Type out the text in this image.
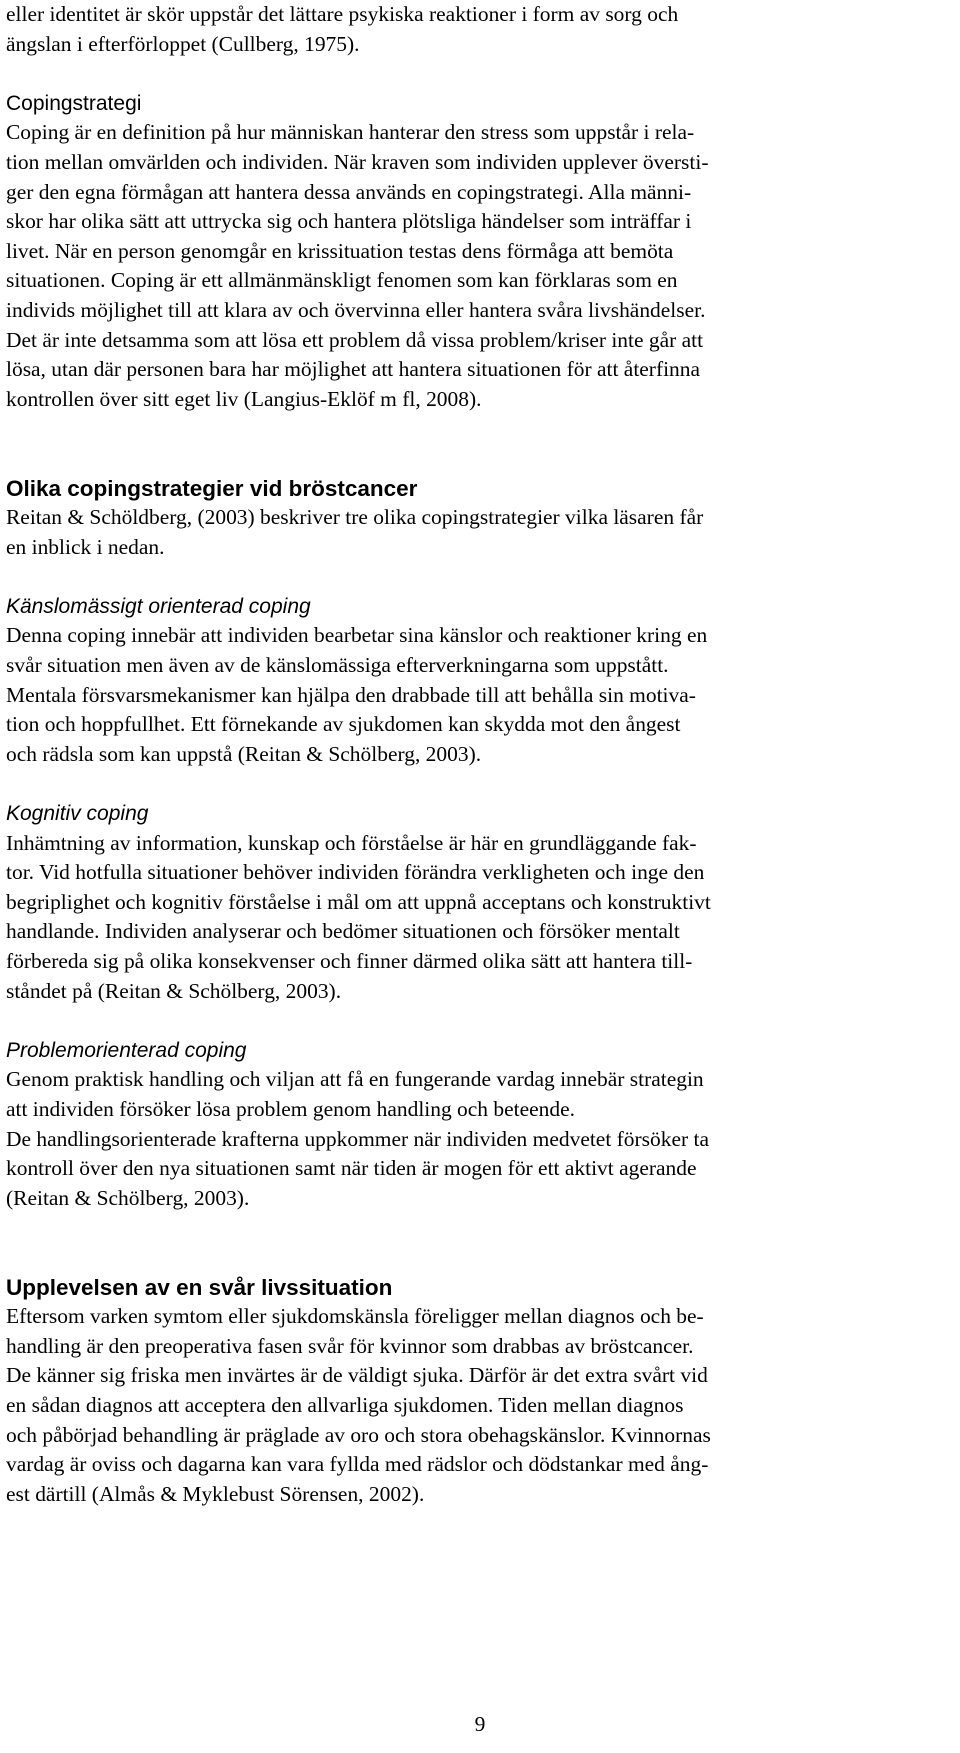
eller identitet är skör uppstår det lättare psykiska reaktioner i form av sorg och
ängslan i efterförloppet (Cullberg, 1975).
Copingstrategi
Coping är en definition på hur människan hanterar den stress som uppstår i rela-
tion mellan omvärlden och individen. När kraven som individen upplever översti-
ger den egna förmågan att hantera dessa används en copingstrategi. Alla männi-
skor har olika sätt att uttrycka sig och hantera plötsliga händelser som inträffar i
livet. När en person genomgår en krissituation testas dens förmåga att bemöta
situationen. Coping är ett allmänmänskligt fenomen som kan förklaras som en
individs möjlighet till att klara av och övervinna eller hantera svåra livshändelser.
Det är inte detsamma som att lösa ett problem då vissa problem/kriser inte går att
lösa, utan där personen bara har möjlighet att hantera situationen för att återfinna
kontrollen över sitt eget liv (Langius-Eklöf m fl, 2008).
Olika copingstrategier vid bröstcancer
Reitan & Schöldberg, (2003) beskriver tre olika copingstrategier vilka läsaren får
en inblick i nedan.
Känslomässigt orienterad coping
Denna coping innebär att individen bearbetar sina känslor och reaktioner kring en
svår situation men även av de känslomässiga efterverkningarna som uppstått.
Mentala försvarsmekanismer kan hjälpa den drabbade till att behålla sin motiva-
tion och hoppfullhet. Ett förnekande av sjukdomen kan skydda mot den ångest
och rädsla som kan uppstå (Reitan & Schölberg, 2003).
Kognitiv coping
Inhämtning av information, kunskap och förståelse är här en grundläggande fak-
tor. Vid hotfulla situationer behöver individen förändra verkligheten och inge den
begriplighet och kognitiv förståelse i mål om att uppnå acceptans och konstruktivt
handlande. Individen analyserar och bedömer situationen och försöker mentalt
förbereda sig på olika konsekvenser och finner därmed olika sätt att hantera till-
ståndet på (Reitan & Schölberg, 2003).
Problemorienterad coping
Genom praktisk handling och viljan att få en fungerande vardag innebär strategin
att individen försöker lösa problem genom handling och beteende.
De handlingsorienterade krafterna uppkommer när individen medvetet försöker ta
kontroll över den nya situationen samt när tiden är mogen för ett aktivt agerande
(Reitan & Schölberg, 2003).
Upplevelsen av en svår livssituation
Eftersom varken symtom eller sjukdomskänsla föreligger mellan diagnos och be-
handling är den preoperativa fasen svår för kvinnor som drabbas av bröstcancer.
De känner sig friska men invärtes är de väldigt sjuka. Därför är det extra svårt vid
en sådan diagnos att acceptera den allvarliga sjukdomen. Tiden mellan diagnos
och påbörjad behandling är präglade av oro och stora obehagskänslor. Kvinnornas
vardag är oviss och dagarna kan vara fyllda med rädslor och dödstankar med ång-
est därtill (Almås & Myklebust Sörensen, 2002).
9
